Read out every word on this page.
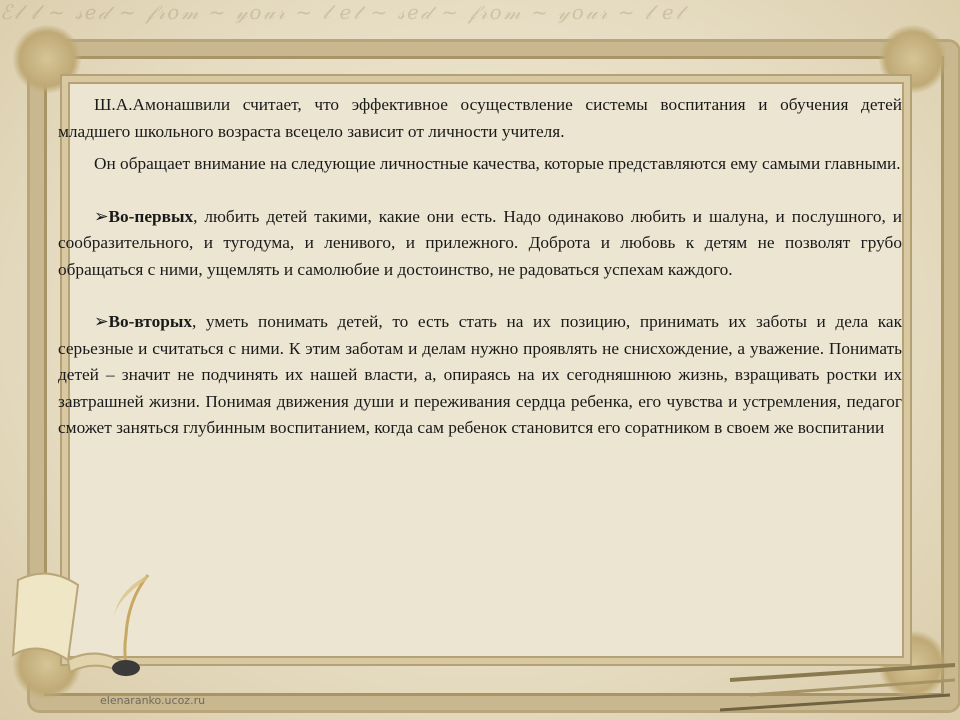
ℰ𝓁 𝓁 ~ 𝓈𝑒𝒹 ~ 𝒻𝓇𝑜𝓂 ~ 𝓎𝑜𝓊𝓇 ~ 𝓁 𝑒𝓉 ~ 𝓈𝑒𝒹 ~ 𝒻𝓇𝑜𝓂 ~ 𝓎𝑜𝓊𝓇 ~ 𝓁 𝑒𝓉

Ш.А.Амонашвили считает, что эффективное осуществление системы воспитания и обучения детей младшего школьного возраста всецело зависит от личности учителя.

Он обращает внимание на следующие личностные качества, которые представляются ему самыми главными.

➢Во-первых, любить детей такими, какие они есть. Надо одинаково любить и шалуна, и послушного, и сообразительного, и тугодума, и ленивого, и прилежного. Доброта и любовь к детям не позволят грубо обращаться с ними, ущемлять и самолюбие и достоинство, не радоваться успехам каждого.

➢Во-вторых, уметь понимать детей, то есть стать на их позицию, принимать их заботы и дела как серьезные и считаться с ними. К этим заботам и делам нужно проявлять не снисхождение, а уважение. Понимать детей – значит не подчинять их нашей власти, а, опираясь на их сегодняшнюю жизнь, взращивать ростки их завтрашней жизни. Понимая движения души и переживания сердца ребенка, его чувства и устремления, педагог сможет заняться глубинным воспитанием, когда сам ребенок становится его соратником в своем же воспитании

elenaranko.ucoz.ru
